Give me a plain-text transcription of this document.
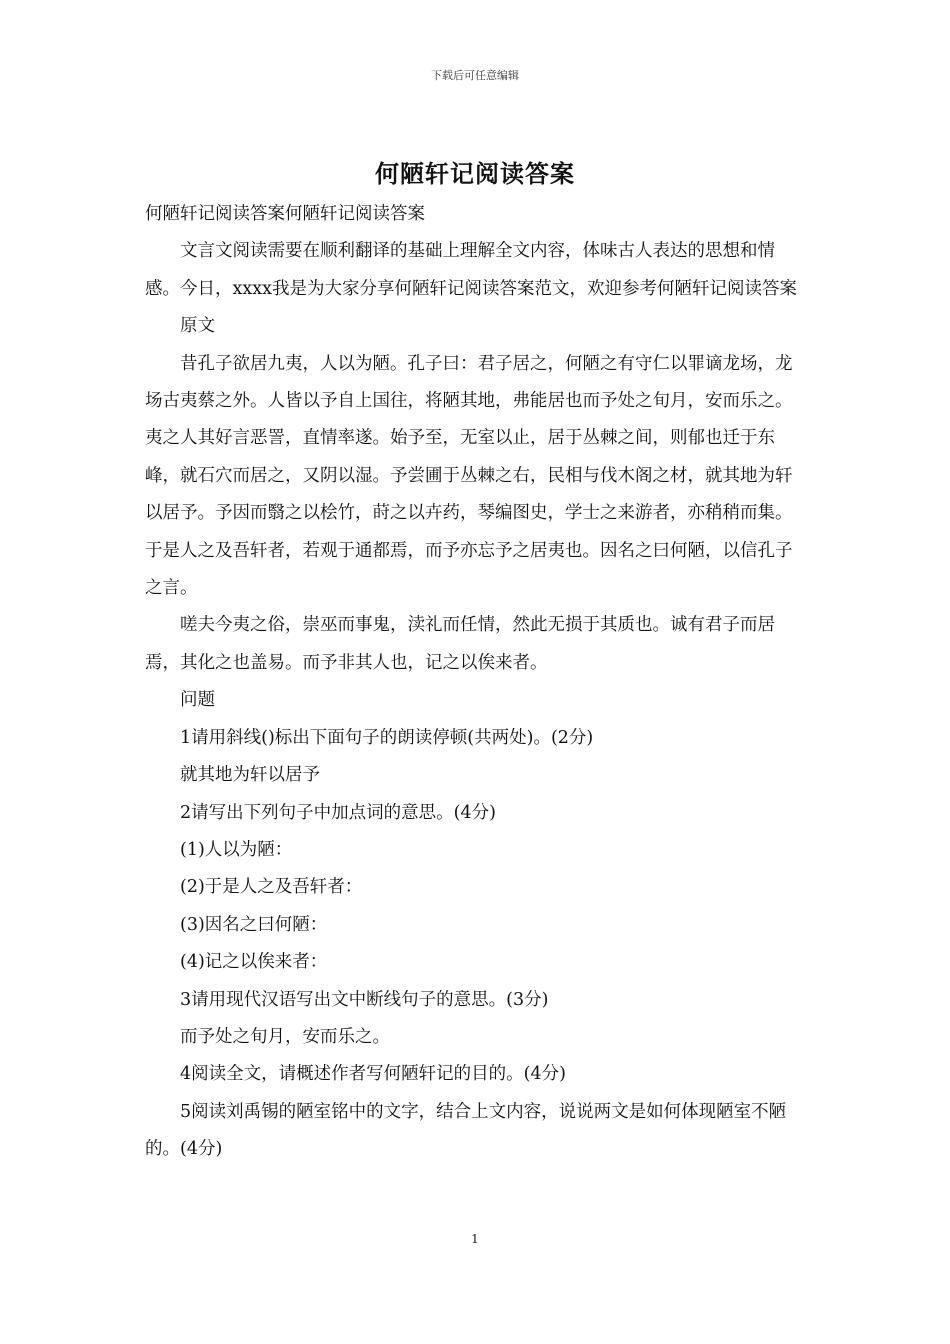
下载后可任意编辑
何陋轩记阅读答案

何陋轩记阅读答案何陋轩记阅读答案

文言文阅读需要在顺利翻译的基础上理解全文内容，体味古人表达的思想和情感。今日，xxxx我是为大家分享何陋轩记阅读答案范文，欢迎参考何陋轩记阅读答案

原文

昔孔子欲居九夷，人以为陋。孔子曰：君子居之，何陋之有守仁以罪谪龙场，龙场古夷蔡之外。人皆以予自上国往，将陋其地，弗能居也而予处之旬月，安而乐之。夷之人其好言恶詈，直情率遂。始予至，无室以止，居于丛棘之间，则郁也迁于东峰，就石穴而居之，又阴以湿。予尝圃于丛棘之右，民相与伐木阁之材，就其地为轩以居予。予因而翳之以桧竹，莳之以卉药，琴编图史，学士之来游者，亦稍稍而集。于是人之及吾轩者，若观于通都焉，而予亦忘予之居夷也。因名之曰何陋，以信孔子之言。

嗟夫今夷之俗，崇巫而事鬼，渎礼而任情，然此无损于其质也。诚有君子而居焉，其化之也盖易。而予非其人也，记之以俟来者。

问题

1请用斜线()标出下面句子的朗读停顿(共两处)。(2分)

就其地为轩以居予

2请写出下列句子中加点词的意思。(4分)

(1)人以为陋：

(2)于是人之及吾轩者：

(3)因名之曰何陋：

(4)记之以俟来者：

3请用现代汉语写出文中断线句子的意思。(3分)

而予处之旬月，安而乐之。

4阅读全文，请概述作者写何陋轩记的目的。(4分)

5阅读刘禹锡的陋室铭中的文字，结合上文内容，说说两文是如何体现陋室不陋的。(4分)

1
